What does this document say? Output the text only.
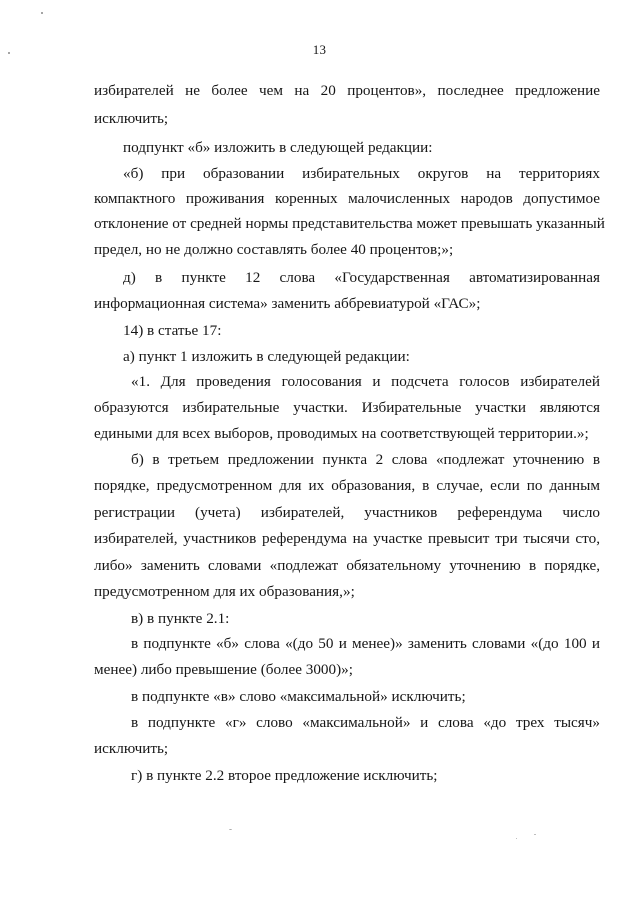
13
избирателей не более чем на 20 процентов», последнее предложение
исключить;
подпункт «б» изложить в следующей редакции:
«б) при образовании избирательных округов на территориях
компактного проживания коренных малочисленных народов допустимое
отклонение от средней нормы представительства может превышать указанный
предел, но не должно составлять более 40 процентов;»;
д) в пункте 12 слова «Государственная автоматизированная
информационная система» заменить аббревиатурой «ГАС»;
14) в статье 17:
а) пункт 1 изложить в следующей редакции:
«1. Для проведения голосования и подсчета голосов избирателей
образуются избирательные участки. Избирательные участки являются
едиными для всех выборов, проводимых на соответствующей территории.»;
б) в третьем предложении пункта 2 слова «подлежат уточнению в
порядке, предусмотренном для их образования, в случае, если по данным
регистрации (учета) избирателей, участников референдума число
избирателей, участников референдума на участке превысит три тысячи сто,
либо» заменить словами «подлежат обязательному уточнению в порядке,
предусмотренном для их образования,»;
в) в пункте 2.1:
в подпункте «б» слова «(до 50 и менее)» заменить словами «(до 100 и
менее) либо превышение (более 3000)»;
в подпункте «в» слово «максимальной» исключить;
в подпункте «г» слово «максимальной» и слова «до трех тысяч»
исключить;
г) в пункте 2.2 второе предложение исключить;
